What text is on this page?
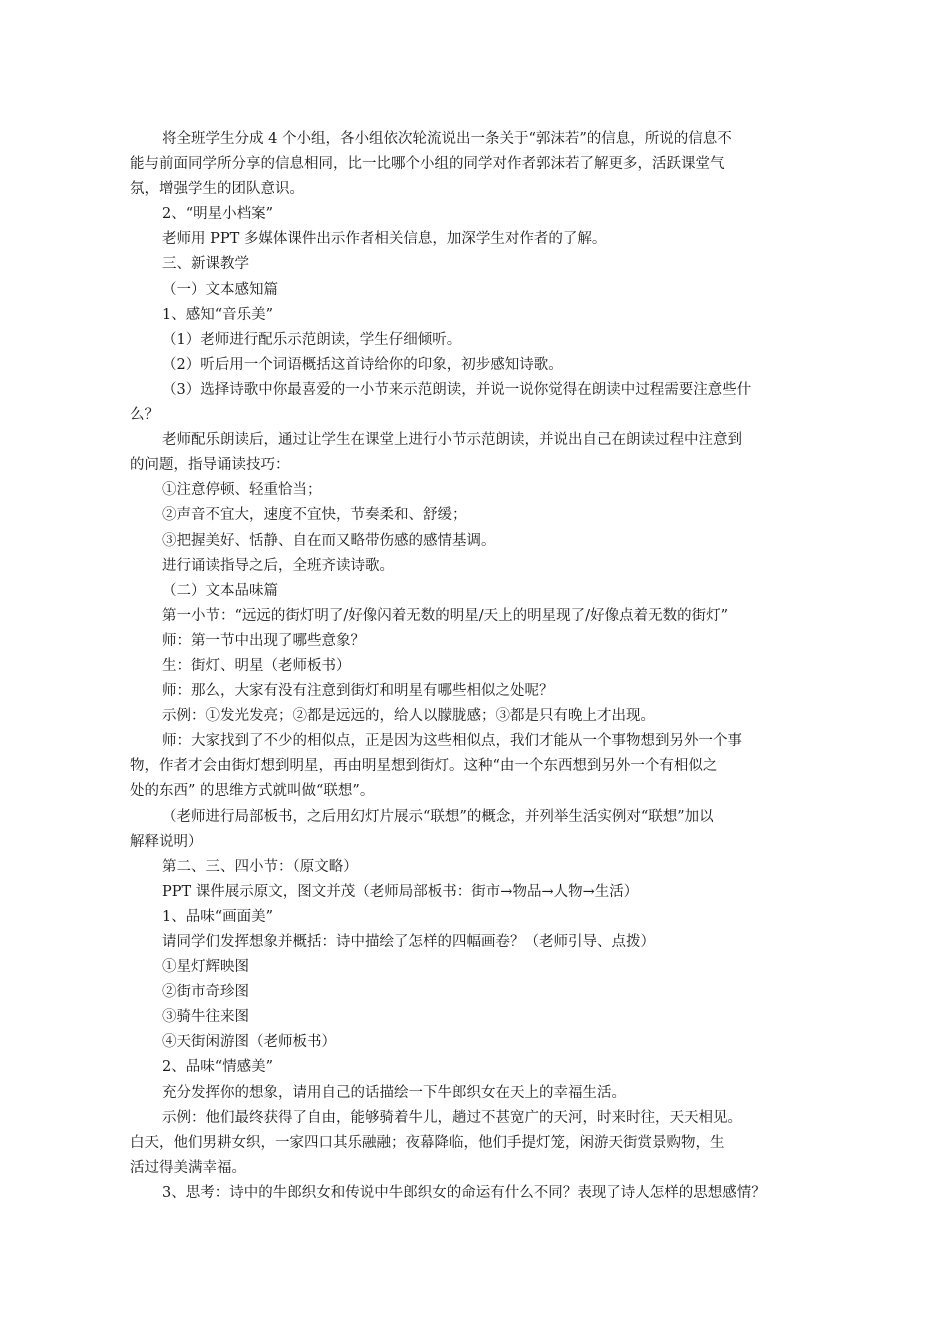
将全班学生分成 4 个小组，各小组依次轮流说出一条关于“郭沫若”的信息，所说的信息不
能与前面同学所分享的信息相同，比一比哪个小组的同学对作者郭沫若了解更多，活跃课堂气
氛，增强学生的团队意识。
2、“明星小档案”
老师用 PPT 多媒体课件出示作者相关信息，加深学生对作者的了解。
三、新课教学
（一）文本感知篇
1、感知“音乐美”
（1）老师进行配乐示范朗读，学生仔细倾听。
（2）听后用一个词语概括这首诗给你的印象，初步感知诗歌。
（3）选择诗歌中你最喜爱的一小节来示范朗读，并说一说你觉得在朗读中过程需要注意些什
么？
老师配乐朗读后，通过让学生在课堂上进行小节示范朗读，并说出自己在朗读过程中注意到
的问题，指导诵读技巧：
①注意停顿、轻重恰当；
②声音不宜大，速度不宜快，节奏柔和、舒缓；
③把握美好、恬静、自在而又略带伤感的感情基调。
进行诵读指导之后，全班齐读诗歌。
（二）文本品味篇
第一小节：“远远的街灯明了/好像闪着无数的明星/天上的明星现了/好像点着无数的街灯”
师：第一节中出现了哪些意象？
生：街灯、明星（老师板书）
师：那么，大家有没有注意到街灯和明星有哪些相似之处呢？
示例：①发光发亮；②都是远远的，给人以朦胧感；③都是只有晚上才出现。
师：大家找到了不少的相似点，正是因为这些相似点，我们才能从一个事物想到另外一个事
物，作者才会由街灯想到明星，再由明星想到街灯。这种“由一个东西想到另外一个有相似之
处的东西” 的思维方式就叫做“联想”。
（老师进行局部板书，之后用幻灯片展示“联想”的概念，并列举生活实例对“联想”加以
解释说明）
第二、三、四小节：（原文略）
PPT 课件展示原文，图文并茂（老师局部板书：街市→物品→人物→生活）
1、品味“画面美”
请同学们发挥想象并概括：诗中描绘了怎样的四幅画卷？（老师引导、点拨）
①星灯辉映图
②街市奇珍图
③骑牛往来图
④天街闲游图（老师板书）
2、品味“情感美”
充分发挥你的想象，请用自己的话描绘一下牛郎织女在天上的幸福生活。
示例：他们最终获得了自由，能够骑着牛儿，趟过不甚宽广的天河，时来时往，天天相见。
白天，他们男耕女织，一家四口其乐融融；夜幕降临，他们手提灯笼，闲游天街赏景购物，生
活过得美满幸福。
3、思考：诗中的牛郎织女和传说中牛郎织女的命运有什么不同？表现了诗人怎样的思想感情？
